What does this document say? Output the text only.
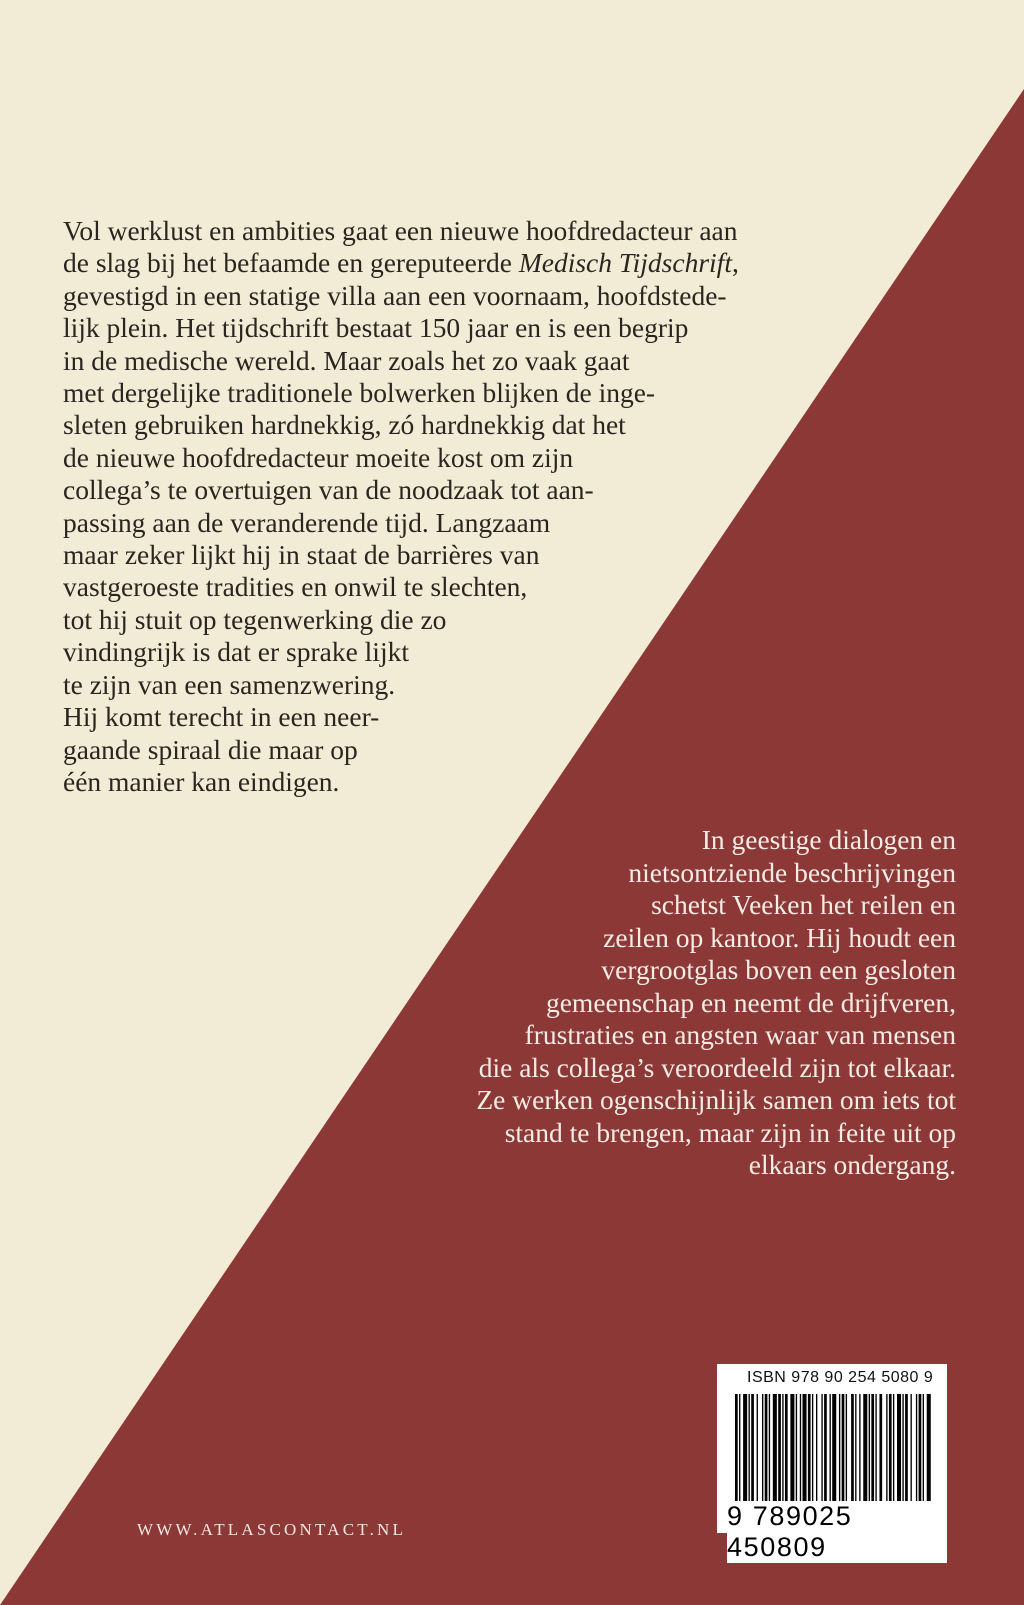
Vol werklust en ambities gaat een nieuwe hoofdredacteur aan
de slag bij het befaamde en gereputeerde Medisch Tijdschrift,
gevestigd in een statige villa aan een voornaam, hoofdstede-
lijk plein. Het tijdschrift bestaat 150 jaar en is een begrip
in de medische wereld. Maar zoals het zo vaak gaat
met dergelijke traditionele bolwerken blijken de inge-
sleten gebruiken hardnekkig, zó hardnekkig dat het
de nieuwe hoofdredacteur moeite kost om zijn
collega’s te overtuigen van de noodzaak tot aan-
passing aan de veranderende tijd. Langzaam
maar zeker lijkt hij in staat de barrières van
vastgeroeste tradities en onwil te slechten,
tot hij stuit op tegenwerking die zo
vindingrijk is dat er sprake lijkt
te zijn van een samenzwering.
Hij komt terecht in een neer-
gaande spiraal die maar op
één manier kan eindigen.
In geestige dialogen en
nietsontziende beschrijvingen
schetst Veeken het reilen en
zeilen op kantoor. Hij houdt een
vergrootglas boven een gesloten
gemeenschap en neemt de drijfveren,
frustraties en angsten waar van mensen
die als collega’s veroordeeld zijn tot elkaar.
Ze werken ogenschijnlijk samen om iets tot
stand te brengen, maar zijn in feite uit op
elkaars ondergang.
WWW.ATLASCONTACT.NL
ISBN 978 90 254 5080 9
9 789025 450809
